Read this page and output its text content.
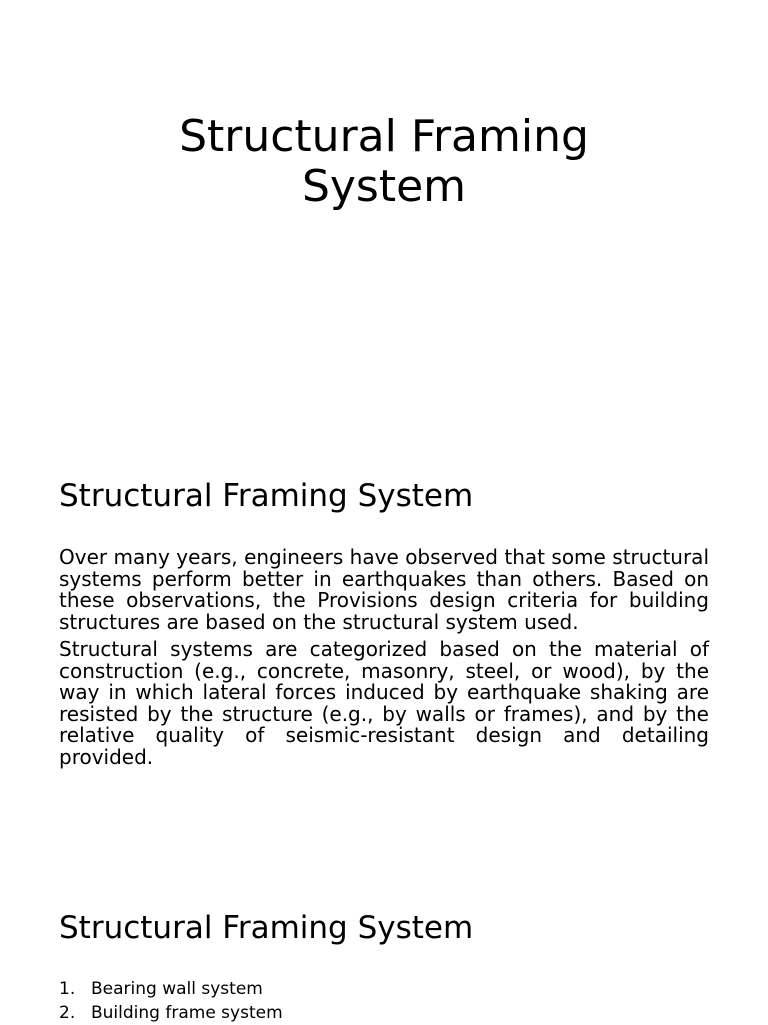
Structural Framing
System
Structural Framing System

Over many years, engineers have observed that some structural systems perform better in earthquakes than others. Based on these observations, the Provisions design criteria for building structures are based on the structural system used.

Structural systems are categorized based on the material of construction (e.g., concrete, masonry, steel, or wood), by the way in which lateral forces induced by earthquake shaking are resisted by the structure (e.g., by walls or frames), and by the relative quality of seismic-resistant design and detailing provided.

Structural Framing System
1. Bearing wall system
2. Building frame system
